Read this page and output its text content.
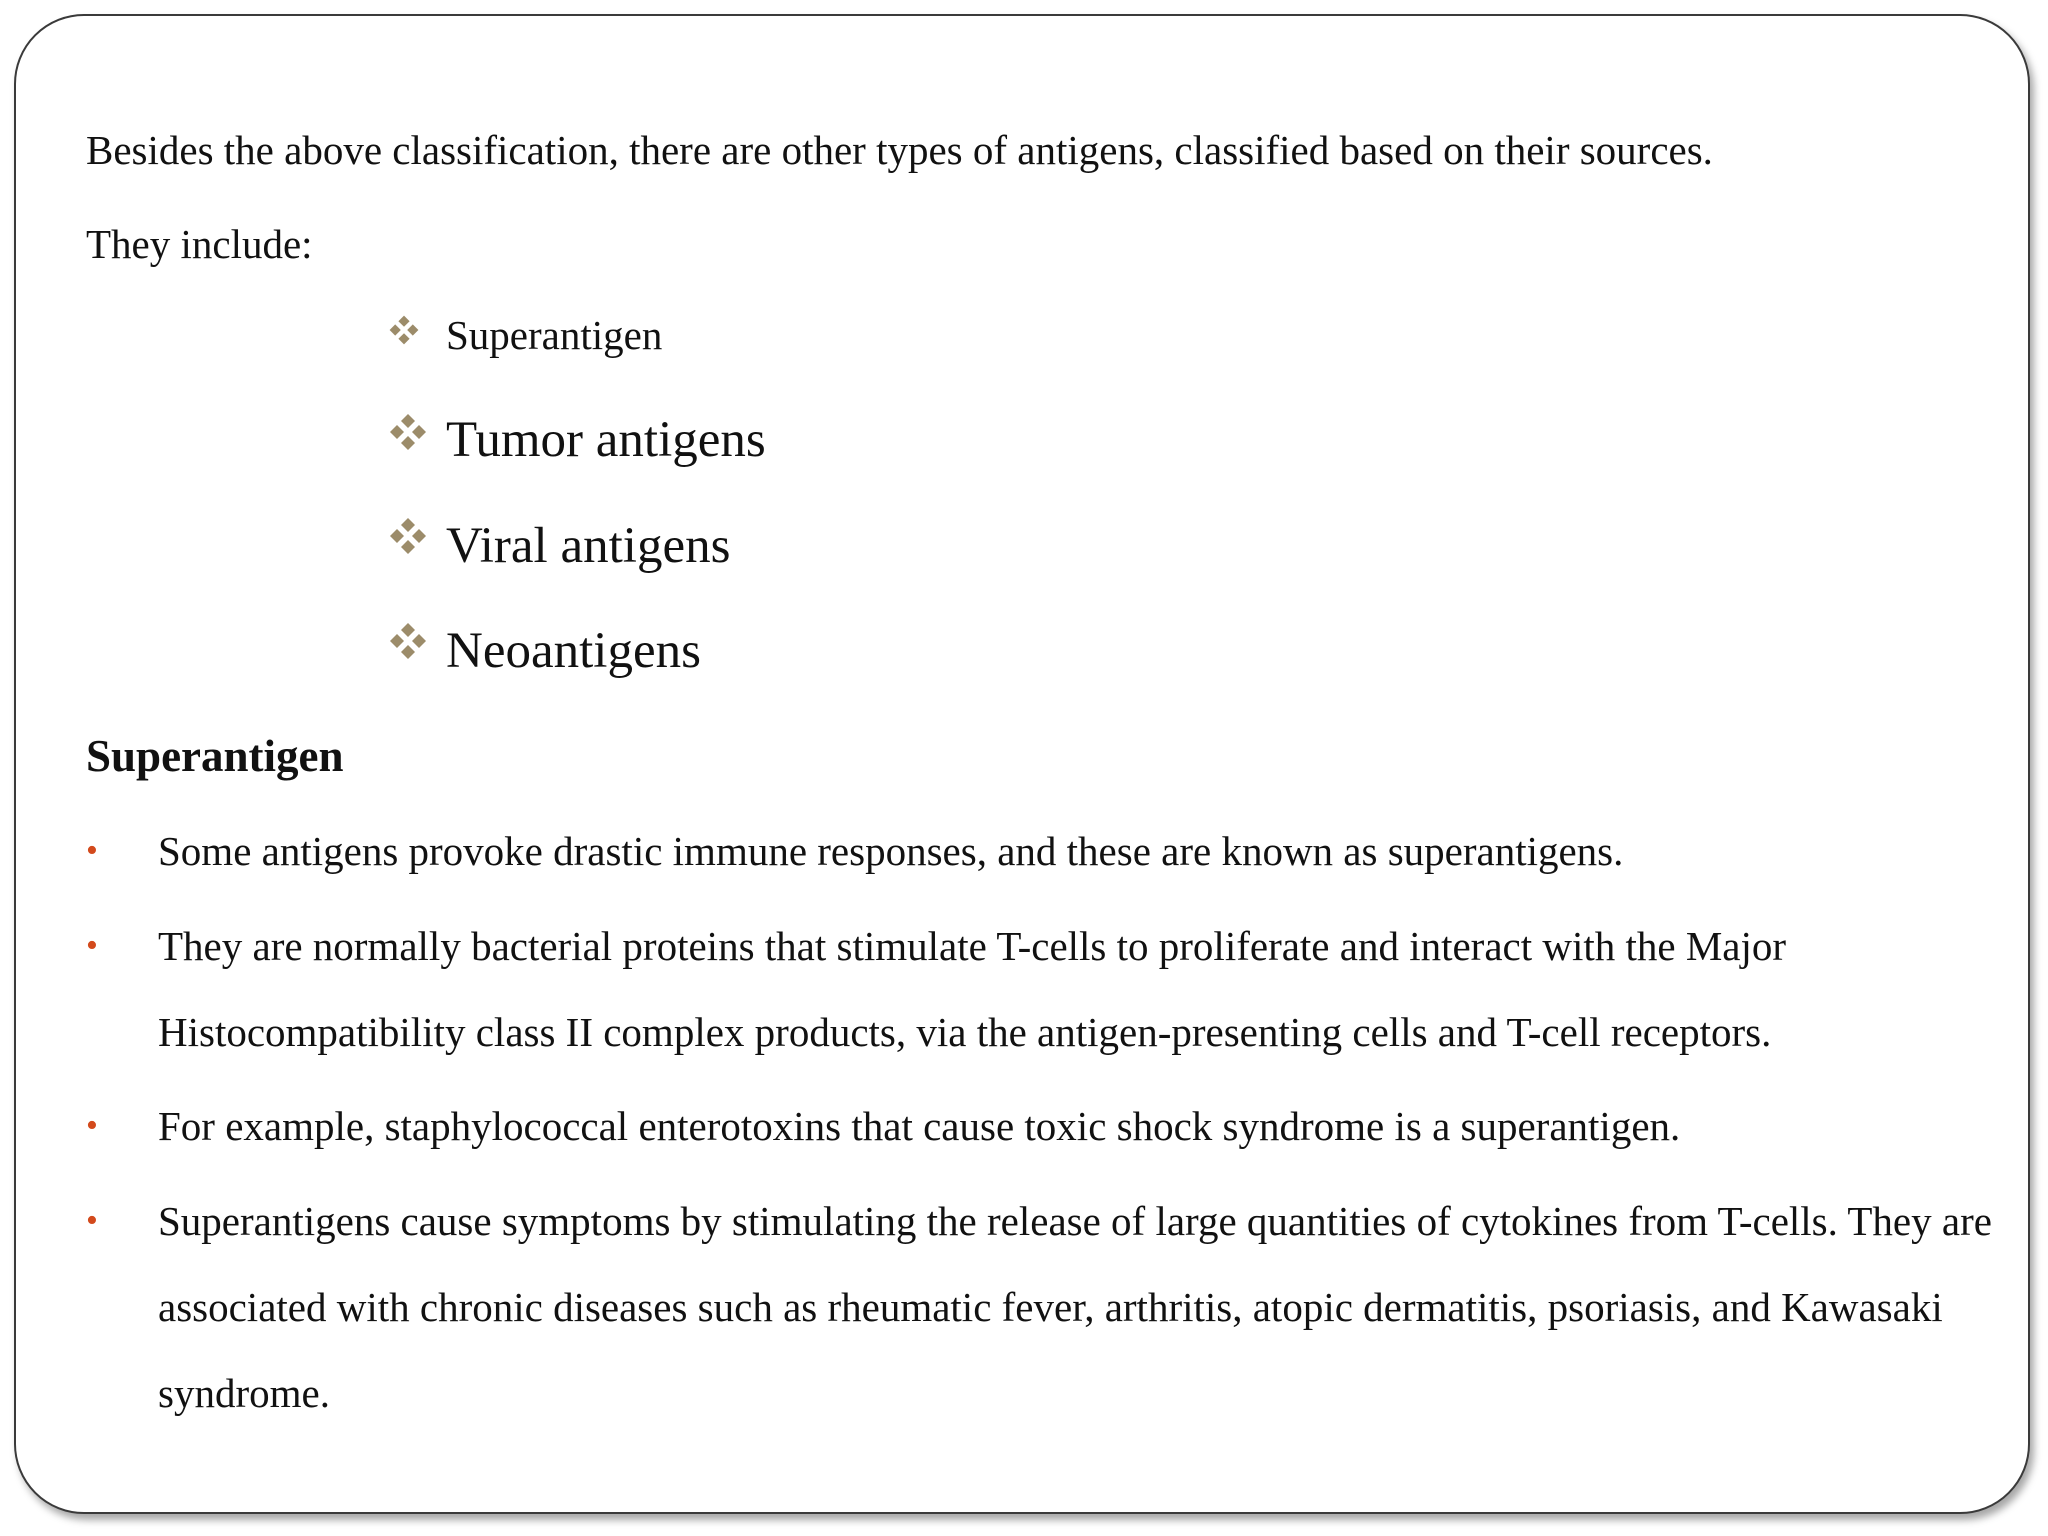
Besides the above classification, there are other types of antigens, classified based on their sources.

They include:

Superantigen
Tumor antigens
Viral antigens
Neoantigens
Superantigen
• Some antigens provoke drastic immune responses, and these are known as superantigens.
• They are normally bacterial proteins that stimulate T-cells to proliferate and interact with the Major Histocompatibility class II complex products, via the antigen-presenting cells and T-cell receptors.
• For example, staphylococcal enterotoxins that cause toxic shock syndrome is a superantigen.
• Superantigens cause symptoms by stimulating the release of large quantities of cytokines from T-cells. They are associated with chronic diseases such as rheumatic fever, arthritis, atopic dermatitis, psoriasis, and Kawasaki syndrome.
